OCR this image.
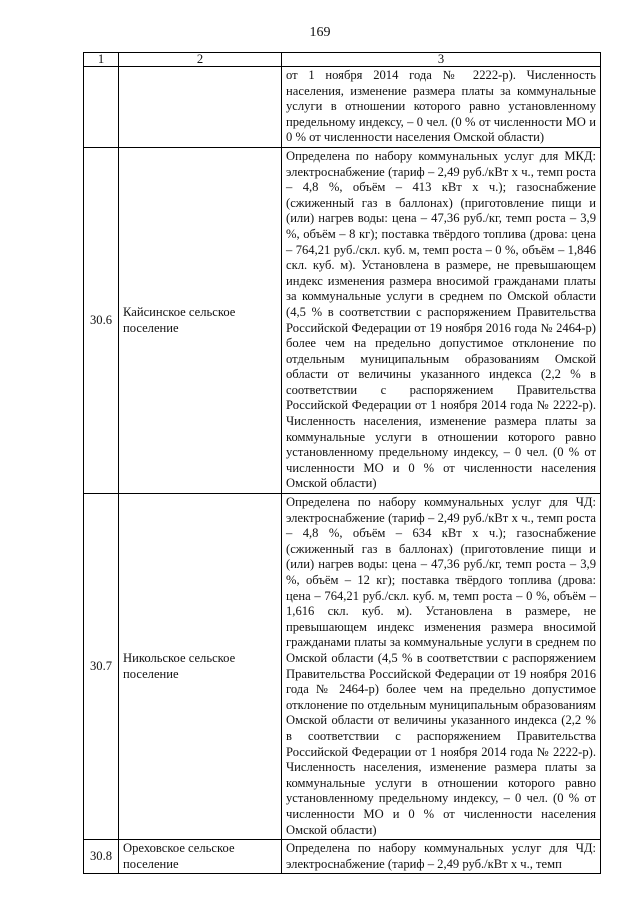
169
1	2	3
		от 1 ноября 2014 года № 2222-р). Численность населения, изменение размера платы за коммунальные услуги в отношении которого равно установленному предельному индексу, – 0 чел. (0 % от численности МО и 0 % от численности населения Омской области)
30.6	Кайсинское сельское поселение	Определена по набору коммунальных услуг для МКД: электроснабжение (тариф – 2,49 руб./кВт х ч., темп роста – 4,8 %, объём – 413 кВт х ч.); газоснабжение (сжиженный газ в баллонах) (приготовление пищи и (или) нагрев воды: цена – 47,36 руб./кг, темп роста – 3,9 %, объём – 8 кг); поставка твёрдого топлива (дрова: цена – 764,21 руб./скл. куб. м, темп роста – 0 %, объём – 1,846 скл. куб. м). Установлена в размере, не превышающем индекс изменения размера вносимой гражданами платы за коммунальные услуги в среднем по Омской области (4,5 % в соответствии с распоряжением Правительства Российской Федерации от 19 ноября 2016 года № 2464-р) более чем на предельно допустимое отклонение по отдельным муниципальным образованиям Омской области от величины указанного индекса (2,2 % в соответствии с распоряжением Правительства Российской Федерации от 1 ноября 2014 года № 2222-р). Численность населения, изменение размера платы за коммунальные услуги в отношении которого равно установленному предельному индексу, – 0 чел. (0 % от численности МО и 0 % от численности населения Омской области)
30.7	Никольское сельское поселение	Определена по набору коммунальных услуг для ЧД: электроснабжение (тариф – 2,49 руб./кВт х ч., темп роста – 4,8 %, объём – 634 кВт х ч.); газоснабжение (сжиженный газ в баллонах) (приготовление пищи и (или) нагрев воды: цена – 47,36 руб./кг, темп роста – 3,9 %, объём – 12 кг); поставка твёрдого топлива (дрова: цена – 764,21 руб./скл. куб. м, темп роста – 0 %, объём – 1,616 скл. куб. м). Установлена в размере, не превышающем индекс изменения размера вносимой гражданами платы за коммунальные услуги в среднем по Омской области (4,5 % в соответствии с распоряжением Правительства Российской Федерации от 19 ноября 2016 года № 2464-р) более чем на предельно допустимое отклонение по отдельным муниципальным образованиям Омской области от величины указанного индекса (2,2 % в соответствии с распоряжением Правительства Российской Федерации от 1 ноября 2014 года № 2222-р). Численность населения, изменение размера платы за коммунальные услуги в отношении которого равно установленному предельному индексу, – 0 чел. (0 % от численности МО и 0 % от численности населения Омской области)
30.8	Ореховское сельское поселение	Определена по набору коммунальных услуг для ЧД: электроснабжение (тариф – 2,49 руб./кВт х ч., темп
